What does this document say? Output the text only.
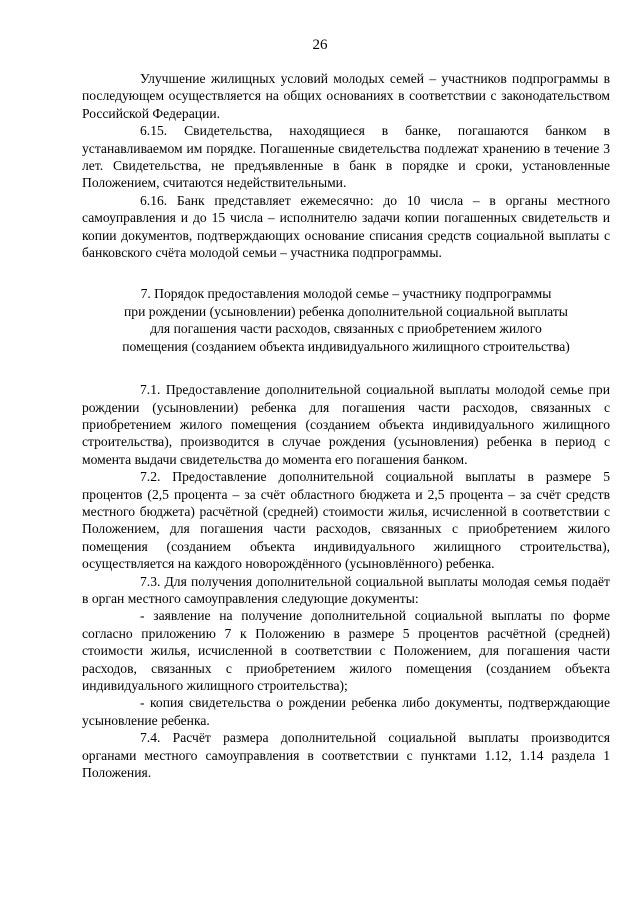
26

Улучшение жилищных условий молодых семей – участников подпрограммы в последующем осуществляется на общих основаниях в соответствии с законодательством Российской Федерации.

6.15. Свидетельства, находящиеся в банке, погашаются банком в устанавливаемом им порядке. Погашенные свидетельства подлежат хранению в течение 3 лет. Свидетельства, не предъявленные в банк в порядке и сроки, установленные Положением, считаются недействительными.

6.16. Банк представляет ежемесячно: до 10 числа – в органы местного самоуправления и до 15 числа – исполнителю задачи копии погашенных свидетельств и копии документов, подтверждающих основание списания средств социальной выплаты с банковского счёта молодой семьи – участника подпрограммы.

7. Порядок предоставления молодой семье – участнику подпрограммы

при рождении (усыновлении) ребенка дополнительной социальной выплаты

для погашения части расходов, связанных с приобретением жилого

помещения (созданием объекта индивидуального жилищного строительства)

7.1. Предоставление дополнительной социальной выплаты молодой семье при рождении (усыновлении) ребенка для погашения части расходов, связанных с приобретением жилого помещения (созданием объекта индивидуального жилищного строительства), производится в случае рождения (усыновления) ребенка в период с момента выдачи свидетельства до момента его погашения банком.

7.2. Предоставление дополнительной социальной выплаты в размере 5 процентов (2,5 процента – за счёт областного бюджета и 2,5 процента – за счёт средств местного бюджета) расчётной (средней) стоимости жилья, исчисленной в соответствии с Положением, для погашения части расходов, связанных с приобретением жилого помещения (созданием объекта индивидуального жилищного строительства), осуществляется на каждого новорождённого (усыновлённого) ребенка.

7.3. Для получения дополнительной социальной выплаты молодая семья подаёт в орган местного самоуправления следующие документы:

- заявление на получение дополнительной социальной выплаты по форме согласно приложению 7 к Положению в размере 5 процентов расчётной (средней) стоимости жилья, исчисленной в соответствии с Положением, для погашения части расходов, связанных с приобретением жилого помещения (созданием объекта индивидуального жилищного строительства);

- копия свидетельства о рождении ребенка либо документы, подтверждающие усыновление ребенка.

7.4. Расчёт размера дополнительной социальной выплаты производится органами местного самоуправления в соответствии с пунктами 1.12, 1.14 раздела 1 Положения.
